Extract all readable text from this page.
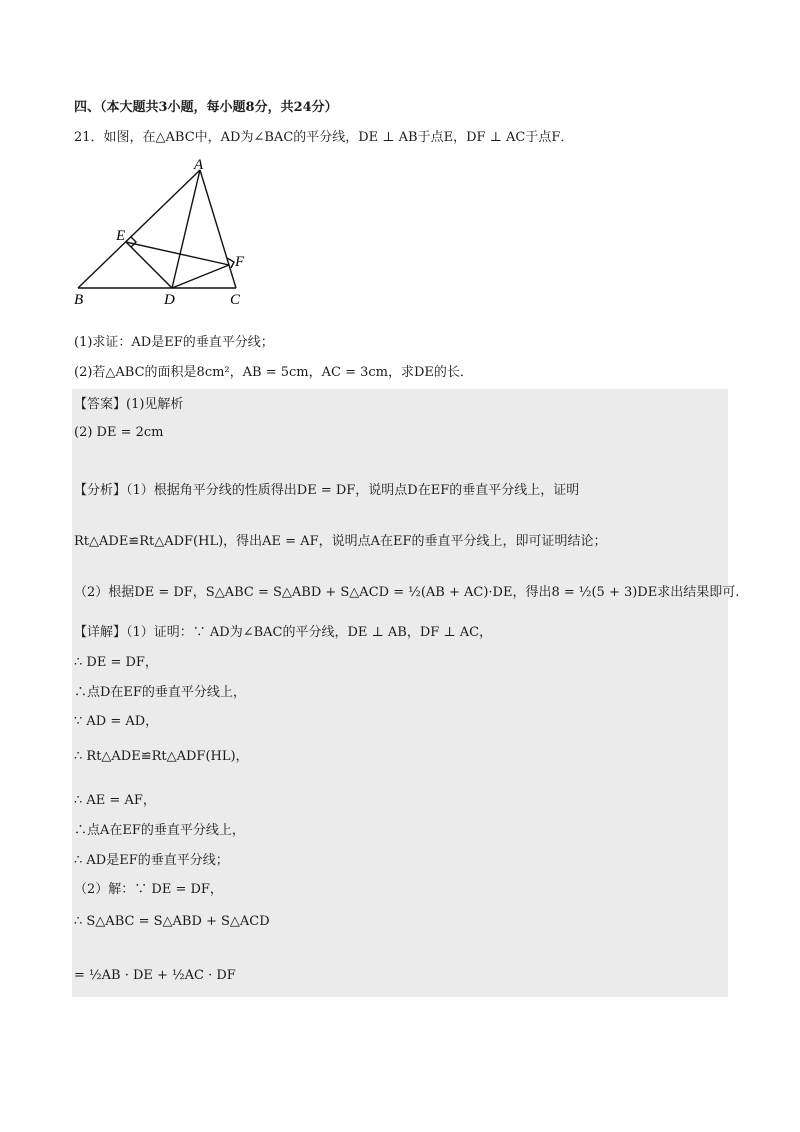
四、（本大题共3小题，每小题8分，共24分）
21．如图，在△ABC中，AD为∠BAC的平分线，DE ⊥ AB于点E，DF ⊥ AC于点F．
A
B	C
D
E
F
(1)求证：AD是EF的垂直平分线；
(2)若△ABC的面积是8cm²，AB = 5cm，AC = 3cm，求DE的长．
【答案】(1)见解析
(2) DE = 2cm
【分析】（1）根据角平分线的性质得出DE = DF，说明点D在EF的垂直平分线上，证明
Rt△ADE≌Rt△ADF(HL)，得出AE = AF，说明点A在EF的垂直平分线上，即可证明结论；
（2）根据DE = DF，S△ABC = S△ABD + S△ACD = ½(AB + AC)·DE，得出8 = ½(5 + 3)DE求出结果即可.
【详解】（1）证明：∵ AD为∠BAC的平分线，DE ⊥ AB，DF ⊥ AC，
∴ DE = DF，
∴点D在EF的垂直平分线上，
∵ AD = AD，
∴ Rt△ADE≌Rt△ADF(HL)，
∴ AE = AF，
∴点A在EF的垂直平分线上，
∴ AD是EF的垂直平分线；
（2）解：∵ DE = DF，
∴ S△ABC = S△ABD + S△ACD
= ½AB · DE + ½AC · DF
